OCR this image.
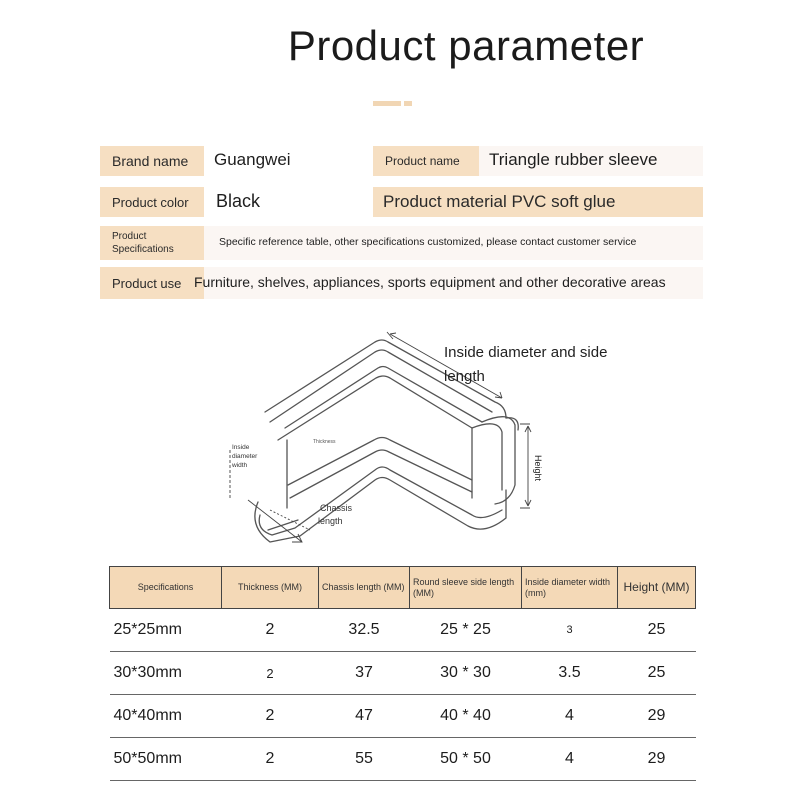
Product parameter
Brand name	Guangwei	Product name	Triangle rubber sleeve
Product color	Black	Product material PVC soft glue
Product Specifications
Specific reference table, other specifications customized, please contact customer service
Product use Furniture, shelves, appliances, sports equipment and other decorative areas
Inside diameter and side
length
Height
Inside
diameter
width
Thickness
Chassis
length
Specifications	Thickness (MM)	Chassis length (MM)	Round sleeve side length (MM)	Inside diameter width (mm)	Height (MM)
25*25mm	2	32.5	25 * 25	3	25
30*30mm	2	37	30 * 30	3.5	25
40*40mm	2	47	40 * 40	4	29
50*50mm	2	55	50 * 50	4	29
